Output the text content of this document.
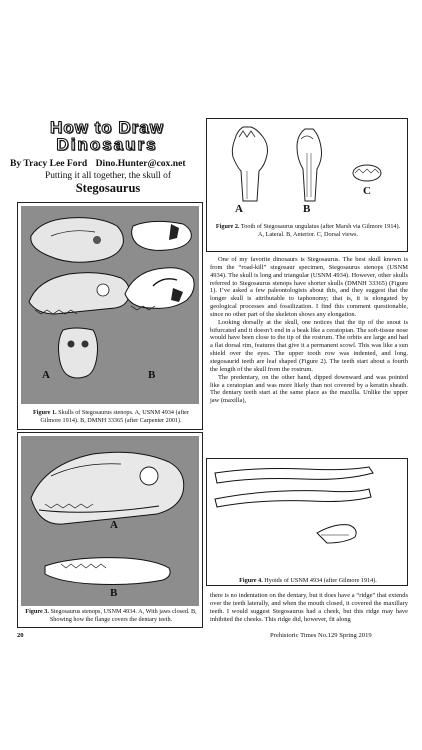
How to Draw
Dinosaurs
By Tracy Lee Ford Dino.Hunter@cox.net
Putting it all together, the skull of
Stegosaurus
A	B
C
Figure 2. Tooth of Stegosaurus ungulatus (after Marsh via Gilmore 1914). A, Lateral. B, Anterior. C, Dorsal views.
A	B
Figure 1. Skulls of Stegosaurus stenops. A, USNM 4934 (after Gilmore 1914). B, DMNH 33365 (after Carpenter 2001).

One of my favorite dinosaurs is Stegosaurus. The best skull known is from the “road-kill” stegosaur specimen, Stegosaurus stenops (USNM 4934). The skull is long and triangular (USNM 4934). However, other skulls referred to Stegosaurus stenops have shorter skulls (DMNH 33365) (Figure 1). I’ve asked a few paleontologists about this, and they suggest that the longer skull is attributable to taphonomy; that is, it is elongated by geological processes and fossilization. I find this comment questionable, since no other part of the skeleton shows any elongation.

Looking dorsally at the skull, one notices that the tip of the snout is bifurcated and it doesn’t end in a beak like a ceratopian. The soft-tissue nose would have been close to the tip of the rostrum. The orbits are large and had a flat dorsal rim, features that give it a permanent scowl. This was like a sun shield over the eyes. The upper tooth row was indented, and long. stegosaurid teeth are leaf shaped (Figure 2). The teeth start about a fourth the length of the skull from the rostrum.

The predentary, on the other hand, dipped downward and was pointed like a ceratopian and was more likely than not covered by a keratin sheath. The dentary teeth start at the same place as the maxilla. Unlike the upper jaw (maxilla),

A
B
Figure 3. Stegosaurus stenops, USNM 4934. A, With jaws closed. B, Showing how the flange covers the dentary teeth.
Figure 4. Hyoids of USNM 4934 (after Gilmore 1914).

there is no indentation on the dentary, but it does have a “ridge” that extends over the teeth laterally, and when the mouth closed, it covered the maxillary teeth. I would suggest Stegosaurus had a cheek, but this ridge may have inhibited the cheeks. This ridge did, however, fit along

20	Prehistoric Times No.129 Spring 2019
